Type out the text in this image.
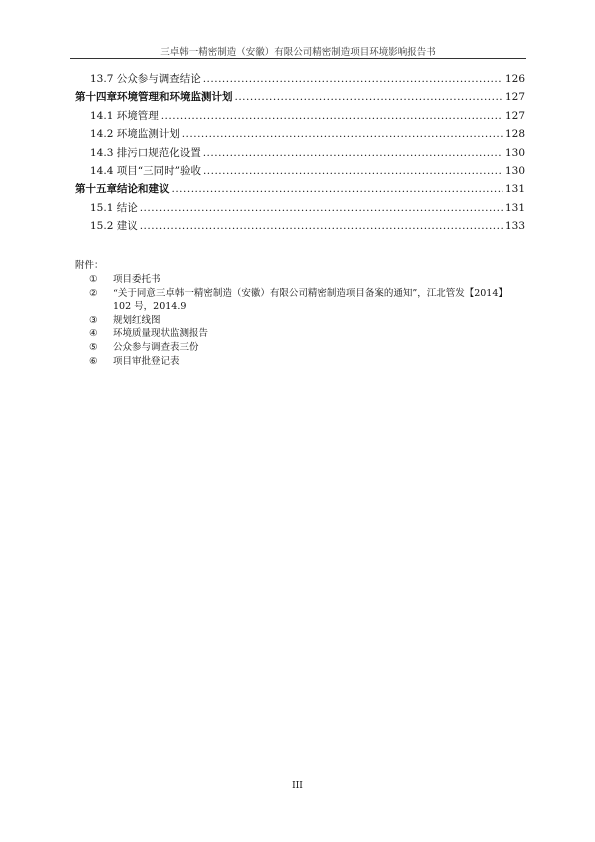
三卓韩一精密制造（安徽）有限公司精密制造项目环境影响报告书
13.7 公众参与调查结论 .....	126
第十四章环境管理和环境监测计划 .....	127
14.1 环境管理 .....	127
14.2 环境监测计划 .....	128
14.3 排污口规范化设置 .....	130
14.4 项目“三同时”验收 .....	130
第十五章结论和建议 .....	131
15.1 结论 .....	131
15.2 建议 .....	133
附件：
①	项目委托书
②	“关于同意三卓韩一精密制造（安徽）有限公司精密制造项目备案的通知”，江北管发【2014】
102 号，2014.9
③	规划红线图
④	环境质量现状监测报告
⑤	公众参与调查表三份
⑥	项目审批登记表
III
